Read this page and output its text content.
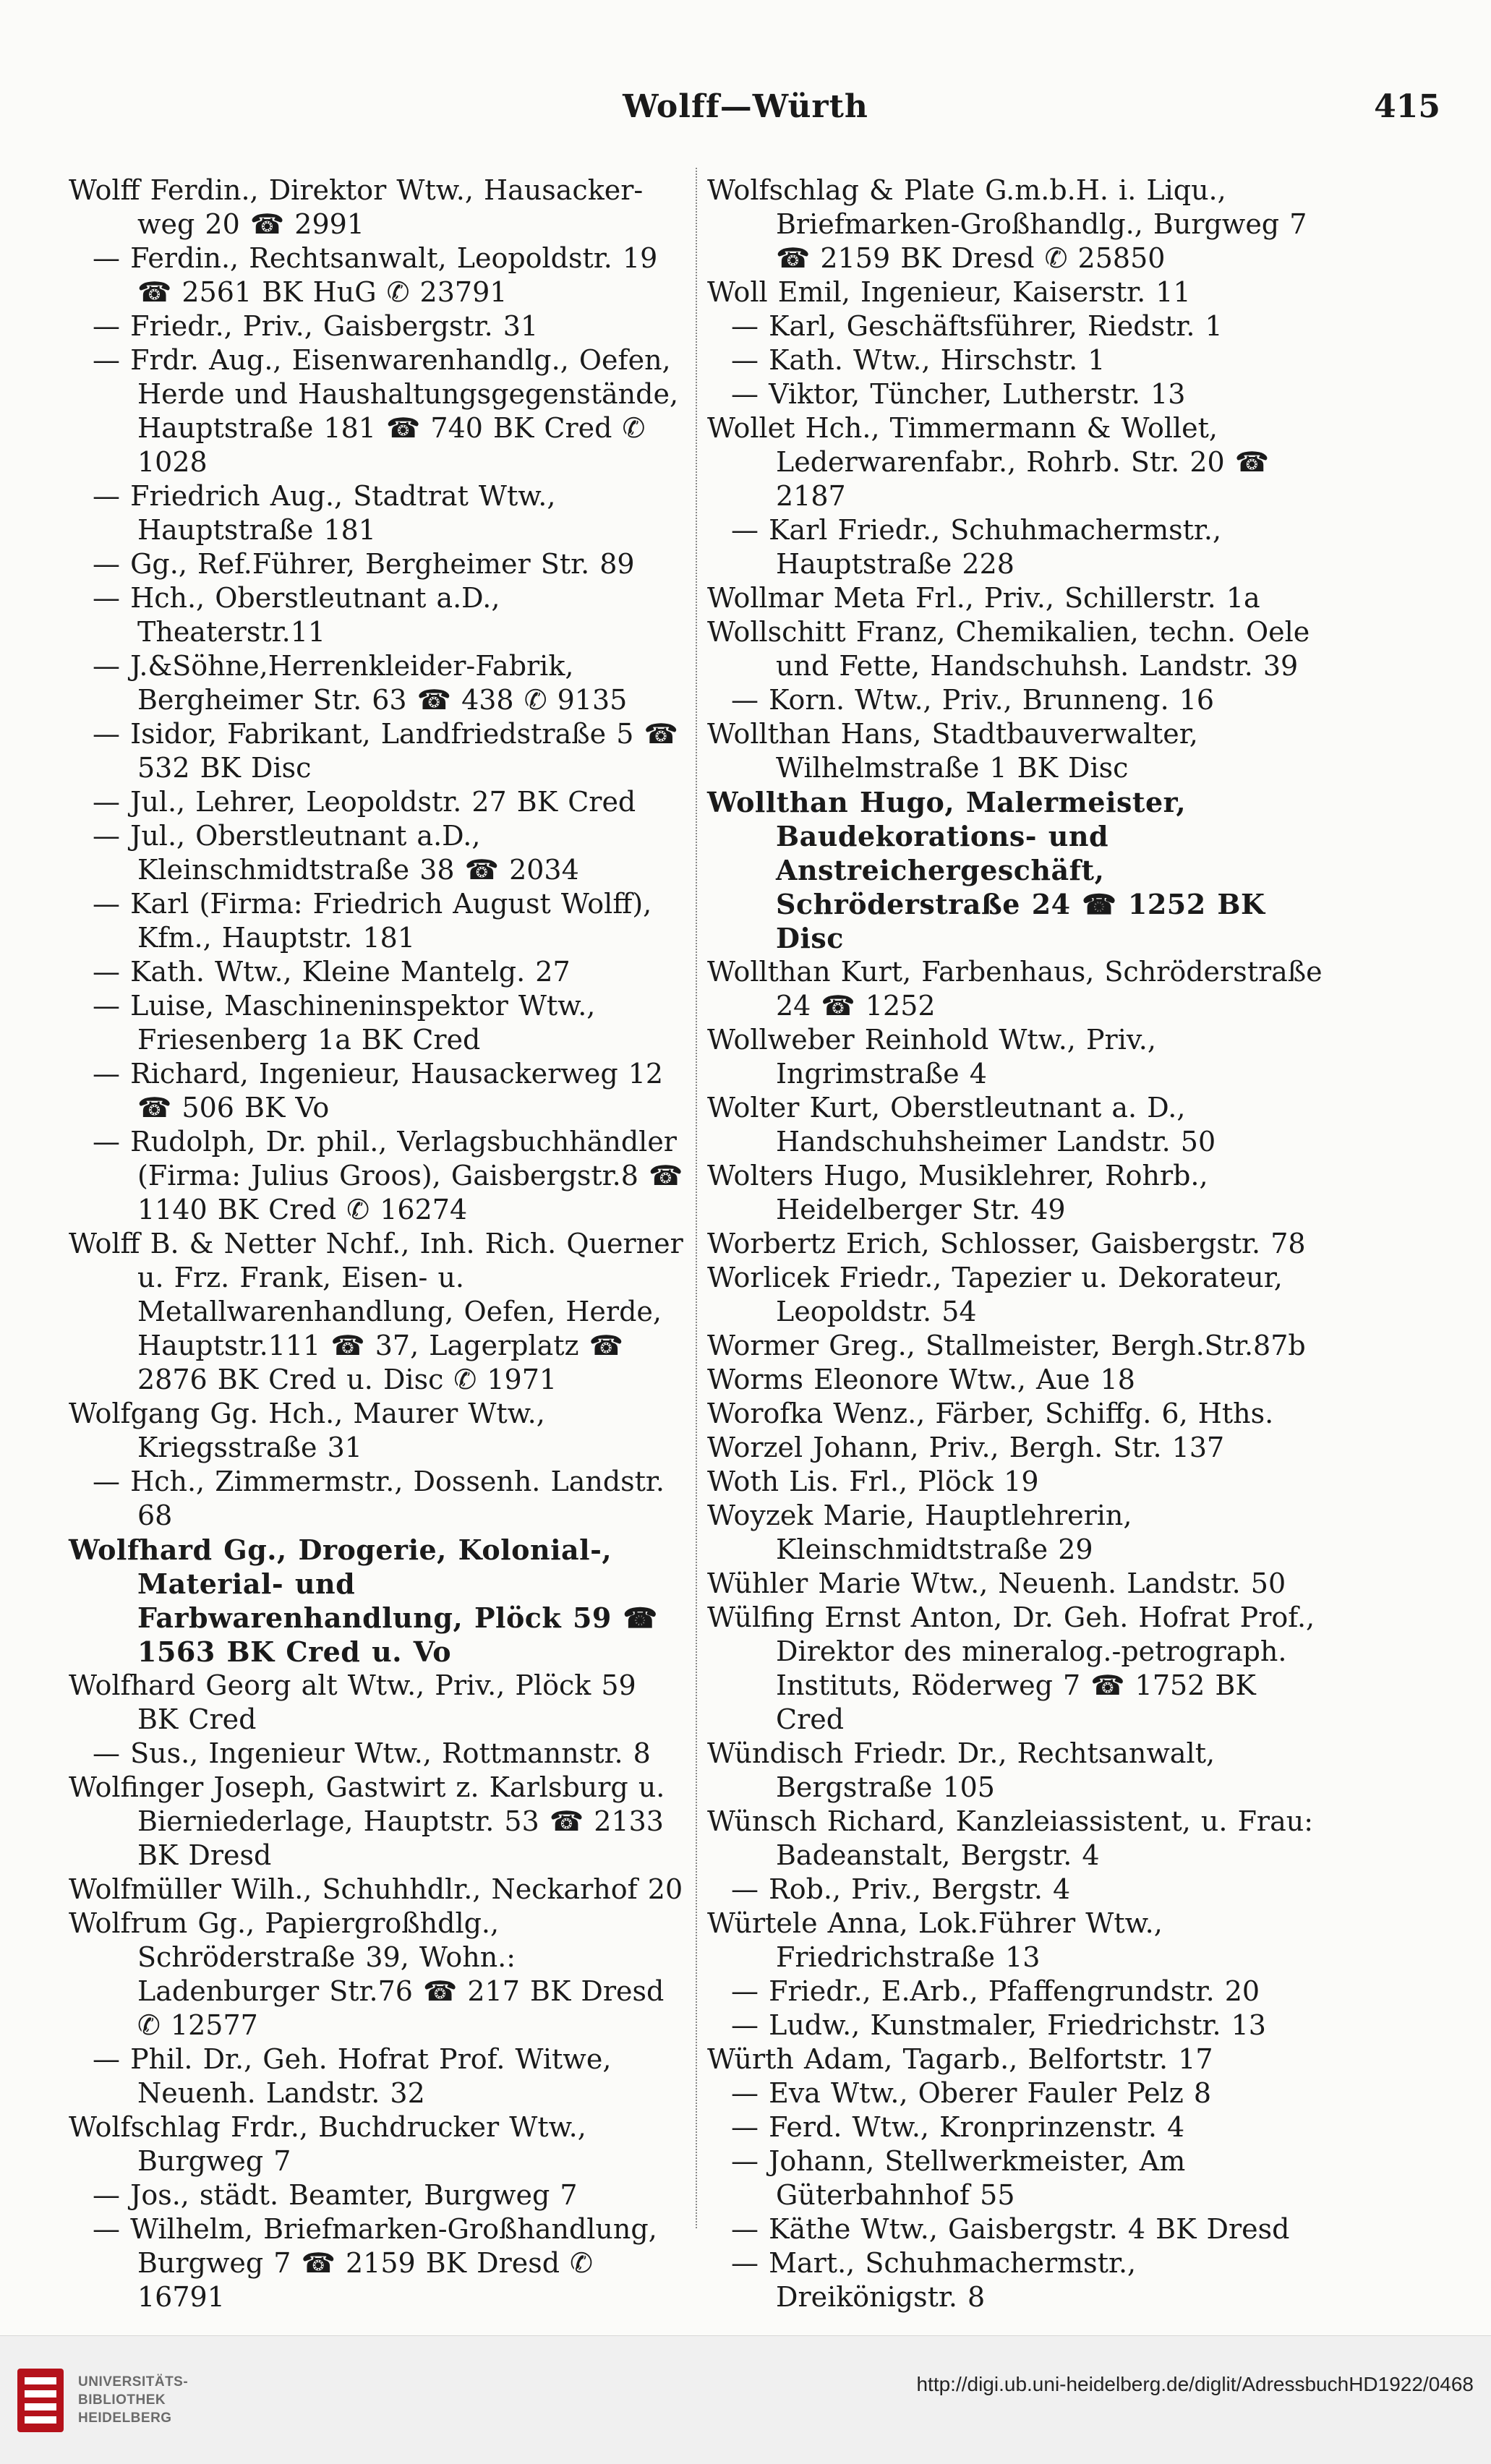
Wolff—Würth	415
Wolff Ferdin., Direktor Wtw., Hausacker-weg 20 ☎ 2991
— Ferdin., Rechtsanwalt, Leopoldstr. 19 ☎ 2561 BK HuG ✆ 23791
— Friedr., Priv., Gaisbergstr. 31
— Frdr. Aug., Eisenwarenhandlg., Oefen, Herde und Haushaltungsgegenstände, Hauptstraße 181 ☎ 740 BK Cred ✆ 1028
— Friedrich Aug., Stadtrat Wtw., Hauptstraße 181
— Gg., Ref.Führer, Bergheimer Str. 89
— Hch., Oberstleutnant a.D., Theaterstr.11
— J.&Söhne,Herrenkleider-Fabrik, Bergheimer Str. 63 ☎ 438 ✆ 9135
— Isidor, Fabrikant, Landfriedstraße 5 ☎ 532 BK Disc
— Jul., Lehrer, Leopoldstr. 27 BK Cred
— Jul., Oberstleutnant a.D., Kleinschmidtstraße 38 ☎ 2034
— Karl (Firma: Friedrich August Wolff), Kfm., Hauptstr. 181
— Kath. Wtw., Kleine Mantelg. 27
— Luise, Maschineninspektor Wtw., Friesenberg 1a BK Cred
— Richard, Ingenieur, Hausackerweg 12 ☎ 506 BK Vo
— Rudolph, Dr. phil., Verlagsbuchhändler (Firma: Julius Groos), Gaisbergstr.8 ☎ 1140 BK Cred ✆ 16274
Wolff B. & Netter Nchf., Inh. Rich. Querner u. Frz. Frank, Eisen- u. Metallwarenhandlung, Oefen, Herde, Hauptstr.111 ☎ 37, Lagerplatz ☎ 2876 BK Cred u. Disc ✆ 1971
Wolfgang Gg. Hch., Maurer Wtw., Kriegsstraße 31
— Hch., Zimmermstr., Dossenh. Landstr. 68
Wolfhard Gg., Drogerie, Kolonial-, Material- und Farbwarenhandlung, Plöck 59 ☎ 1563 BK Cred u. Vo
Wolfhard Georg alt Wtw., Priv., Plöck 59 BK Cred
— Sus., Ingenieur Wtw., Rottmannstr. 8
Wolfinger Joseph, Gastwirt z. Karlsburg u. Bierniederlage, Hauptstr. 53 ☎ 2133 BK Dresd
Wolfmüller Wilh., Schuhhdlr., Neckarhof 20
Wolfrum Gg., Papiergroßhdlg., Schröderstraße 39, Wohn.: Ladenburger Str.76 ☎ 217 BK Dresd ✆ 12577
— Phil. Dr., Geh. Hofrat Prof. Witwe, Neuenh. Landstr. 32
Wolfschlag Frdr., Buchdrucker Wtw., Burgweg 7
— Jos., städt. Beamter, Burgweg 7
— Wilhelm, Briefmarken-Großhandlung, Burgweg 7 ☎ 2159 BK Dresd ✆ 16791
Wolfschlag & Plate G.m.b.H. i. Liqu., Briefmarken-Großhandlg., Burgweg 7 ☎ 2159 BK Dresd ✆ 25850
Woll Emil, Ingenieur, Kaiserstr. 11
— Karl, Geschäftsführer, Riedstr. 1
— Kath. Wtw., Hirschstr. 1
— Viktor, Tüncher, Lutherstr. 13
Wollet Hch., Timmermann & Wollet, Lederwarenfabr., Rohrb. Str. 20 ☎ 2187
— Karl Friedr., Schuhmachermstr., Hauptstraße 228
Wollmar Meta Frl., Priv., Schillerstr. 1a
Wollschitt Franz, Chemikalien, techn. Oele und Fette, Handschuhsh. Landstr. 39
— Korn. Wtw., Priv., Brunneng. 16
Wollthan Hans, Stadtbauverwalter, Wilhelmstraße 1 BK Disc
Wollthan Hugo, Malermeister, Baudekorations- und Anstreichergeschäft, Schröderstraße 24 ☎ 1252 BK Disc
Wollthan Kurt, Farbenhaus, Schröderstraße 24 ☎ 1252
Wollweber Reinhold Wtw., Priv., Ingrimstraße 4
Wolter Kurt, Oberstleutnant a. D., Handschuhsheimer Landstr. 50
Wolters Hugo, Musiklehrer, Rohrb., Heidelberger Str. 49
Worbertz Erich, Schlosser, Gaisbergstr. 78
Worlicek Friedr., Tapezier u. Dekorateur, Leopoldstr. 54
Wormer Greg., Stallmeister, Bergh.Str.87b
Worms Eleonore Wtw., Aue 18
Worofka Wenz., Färber, Schiffg. 6, Hths.
Worzel Johann, Priv., Bergh. Str. 137
Woth Lis. Frl., Plöck 19
Woyzek Marie, Hauptlehrerin, Kleinschmidtstraße 29
Wühler Marie Wtw., Neuenh. Landstr. 50
Wülfing Ernst Anton, Dr. Geh. Hofrat Prof., Direktor des mineralog.-petrograph. Instituts, Röderweg 7 ☎ 1752 BK Cred
Wündisch Friedr. Dr., Rechtsanwalt, Bergstraße 105
Wünsch Richard, Kanzleiassistent, u. Frau: Badeanstalt, Bergstr. 4
— Rob., Priv., Bergstr. 4
Würtele Anna, Lok.Führer Wtw., Friedrichstraße 13
— Friedr., E.Arb., Pfaffengrundstr. 20
— Ludw., Kunstmaler, Friedrichstr. 13
Würth Adam, Tagarb., Belfortstr. 17
— Eva Wtw., Oberer Fauler Pelz 8
— Ferd. Wtw., Kronprinzenstr. 4
— Johann, Stellwerkmeister, Am Güterbahnhof 55
— Käthe Wtw., Gaisbergstr. 4 BK Dresd
— Mart., Schuhmachermstr., Dreikönigstr. 8
UNIVERSITÄTS-
BIBLIOTHEK
HEIDELBERG
http://digi.ub.uni-heidelberg.de/diglit/AdressbuchHD1922/0468
